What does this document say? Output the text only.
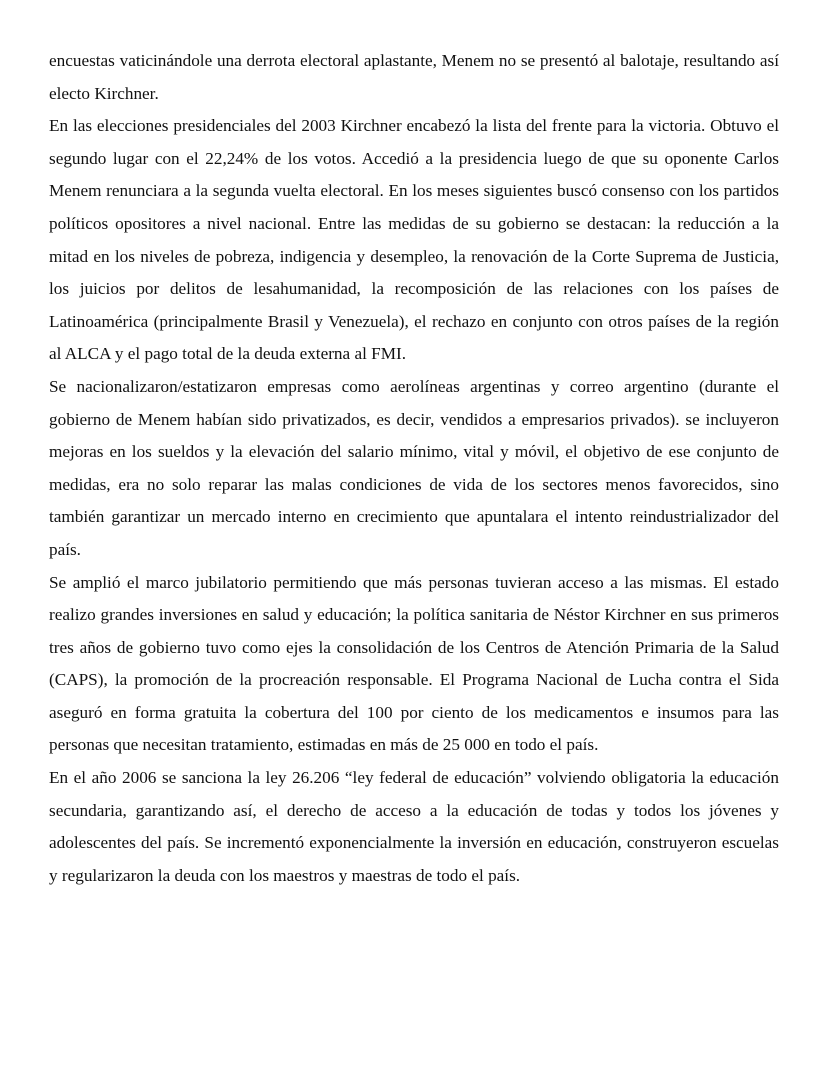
encuestas vaticinándole una derrota electoral aplastante, Menem no se presentó al balotaje, resultando así electo Kirchner.

En las elecciones presidenciales del 2003 Kirchner encabezó la lista del frente para la victoria. Obtuvo el segundo lugar con el 22,24% de los votos. Accedió a la presidencia luego de que su oponente Carlos Menem renunciara a la segunda vuelta electoral. En los meses siguientes buscó consenso con los partidos políticos opositores a nivel nacional. Entre las medidas de su gobierno se destacan: la reducción a la mitad en los niveles de pobreza, indigencia y desempleo, la renovación de la Corte Suprema de Justicia, los juicios por delitos de lesahumanidad, la recomposición de las relaciones con los países de Latinoamérica (principalmente Brasil y Venezuela), el rechazo en conjunto con otros países de la región al ALCA y el pago total de la deuda externa al FMI.

Se nacionalizaron/estatizaron empresas como aerolíneas argentinas y correo argentino (durante el gobierno de Menem habían sido privatizados, es decir, vendidos a empresarios privados). se incluyeron mejoras en los sueldos y la elevación del salario mínimo, vital y móvil, el objetivo de ese conjunto de medidas, era no solo reparar las malas condiciones de vida de los sectores menos favorecidos, sino también garantizar un mercado interno en crecimiento que apuntalara el intento reindustrializador del país.

Se amplió el marco jubilatorio permitiendo que más personas tuvieran acceso a las mismas. El estado realizo grandes inversiones en salud y educación; la política sanitaria de Néstor Kirchner en sus primeros tres años de gobierno tuvo como ejes la consolidación de los Centros de Atención Primaria de la Salud (CAPS), la promoción de la procreación responsable. El Programa Nacional de Lucha contra el Sida aseguró en forma gratuita la cobertura del 100 por ciento de los medicamentos e insumos para las personas que necesitan tratamiento, estimadas en más de 25 000 en todo el país.

En el año 2006 se sanciona la ley 26.206 “ley federal de educación” volviendo obligatoria la educación secundaria, garantizando así, el derecho de acceso a la educación de todas y todos los jóvenes y adolescentes del país. Se incrementó exponencialmente la inversión en educación, construyeron escuelas y regularizaron la deuda con los maestros y maestras de todo el país.
